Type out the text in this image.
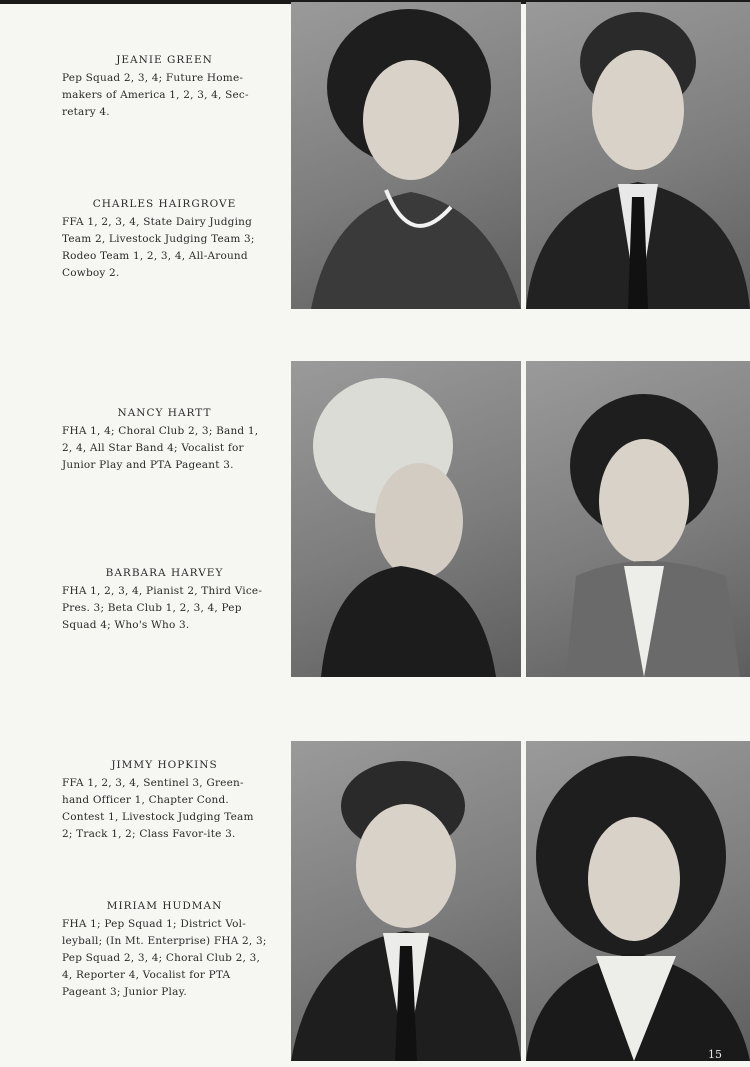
JEANIE GREEN

Pep Squad 2, 3, 4; Future Home-makers of America 1, 2, 3, 4, Sec-retary 4.

CHARLES HAIRGROVE

FFA 1, 2, 3, 4, State Dairy Judging Team 2, Livestock Judging Team 3; Rodeo Team 1, 2, 3, 4, All-Around Cowboy 2.

NANCY HARTT

FHA 1, 4; Choral Club 2, 3; Band 1, 2, 4, All Star Band 4; Vocalist for Junior Play and PTA Pageant 3.

BARBARA HARVEY

FHA 1, 2, 3, 4, Pianist 2, Third Vice-Pres. 3; Beta Club 1, 2, 3, 4, Pep Squad 4; Who's Who 3.

JIMMY HOPKINS

FFA 1, 2, 3, 4, Sentinel 3, Green-hand Officer 1, Chapter Cond. Contest 1, Livestock Judging Team 2; Track 1, 2; Class Favor-ite 3.

MIRIAM HUDMAN

FHA 1; Pep Squad 1; District Vol-leyball; (In Mt. Enterprise) FHA 2, 3; Pep Squad 2, 3, 4; Choral Club 2, 3, 4, Reporter 4, Vocalist for PTA Pageant 3; Junior Play.

15
